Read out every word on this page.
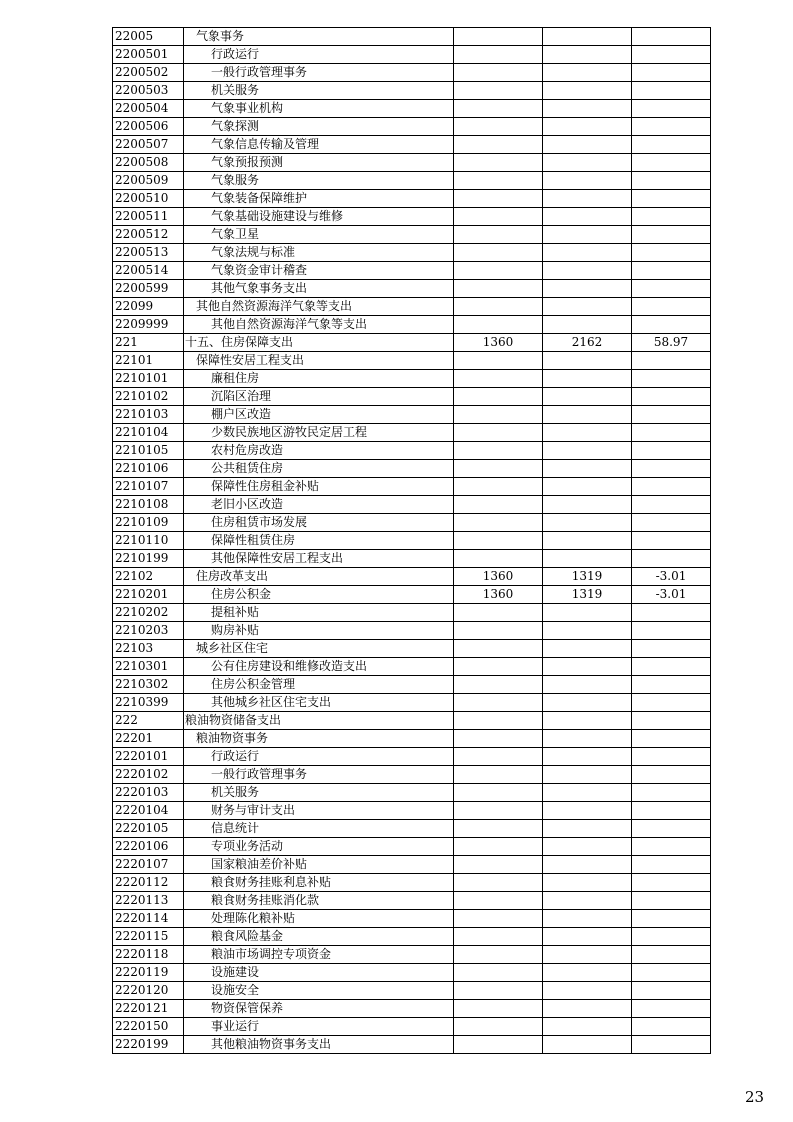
22005	气象事务			
2200501	行政运行			
2200502	一般行政管理事务			
2200503	机关服务			
2200504	气象事业机构			
2200506	气象探测			
2200507	气象信息传输及管理			
2200508	气象预报预测			
2200509	气象服务			
2200510	气象装备保障维护			
2200511	气象基础设施建设与维修			
2200512	气象卫星			
2200513	气象法规与标准			
2200514	气象资金审计稽查			
2200599	其他气象事务支出			
22099	其他自然资源海洋气象等支出			
2209999	其他自然资源海洋气象等支出			
221	十五、住房保障支出	1360	2162	58.97
22101	保障性安居工程支出			
2210101	廉租住房			
2210102	沉陷区治理			
2210103	棚户区改造			
2210104	少数民族地区游牧民定居工程			
2210105	农村危房改造			
2210106	公共租赁住房			
2210107	保障性住房租金补贴			
2210108	老旧小区改造			
2210109	住房租赁市场发展			
2210110	保障性租赁住房			
2210199	其他保障性安居工程支出			
22102	住房改革支出	1360	1319	-3.01
2210201	住房公积金	1360	1319	-3.01
2210202	提租补贴			
2210203	购房补贴			
22103	城乡社区住宅			
2210301	公有住房建设和维修改造支出			
2210302	住房公积金管理			
2210399	其他城乡社区住宅支出			
222	粮油物资储备支出			
22201	粮油物资事务			
2220101	行政运行			
2220102	一般行政管理事务			
2220103	机关服务			
2220104	财务与审计支出			
2220105	信息统计			
2220106	专项业务活动			
2220107	国家粮油差价补贴			
2220112	粮食财务挂账利息补贴			
2220113	粮食财务挂账消化款			
2220114	处理陈化粮补贴			
2220115	粮食风险基金			
2220118	粮油市场调控专项资金			
2220119	设施建设			
2220120	设施安全			
2220121	物资保管保养			
2220150	事业运行			
2220199	其他粮油物资事务支出			
23
